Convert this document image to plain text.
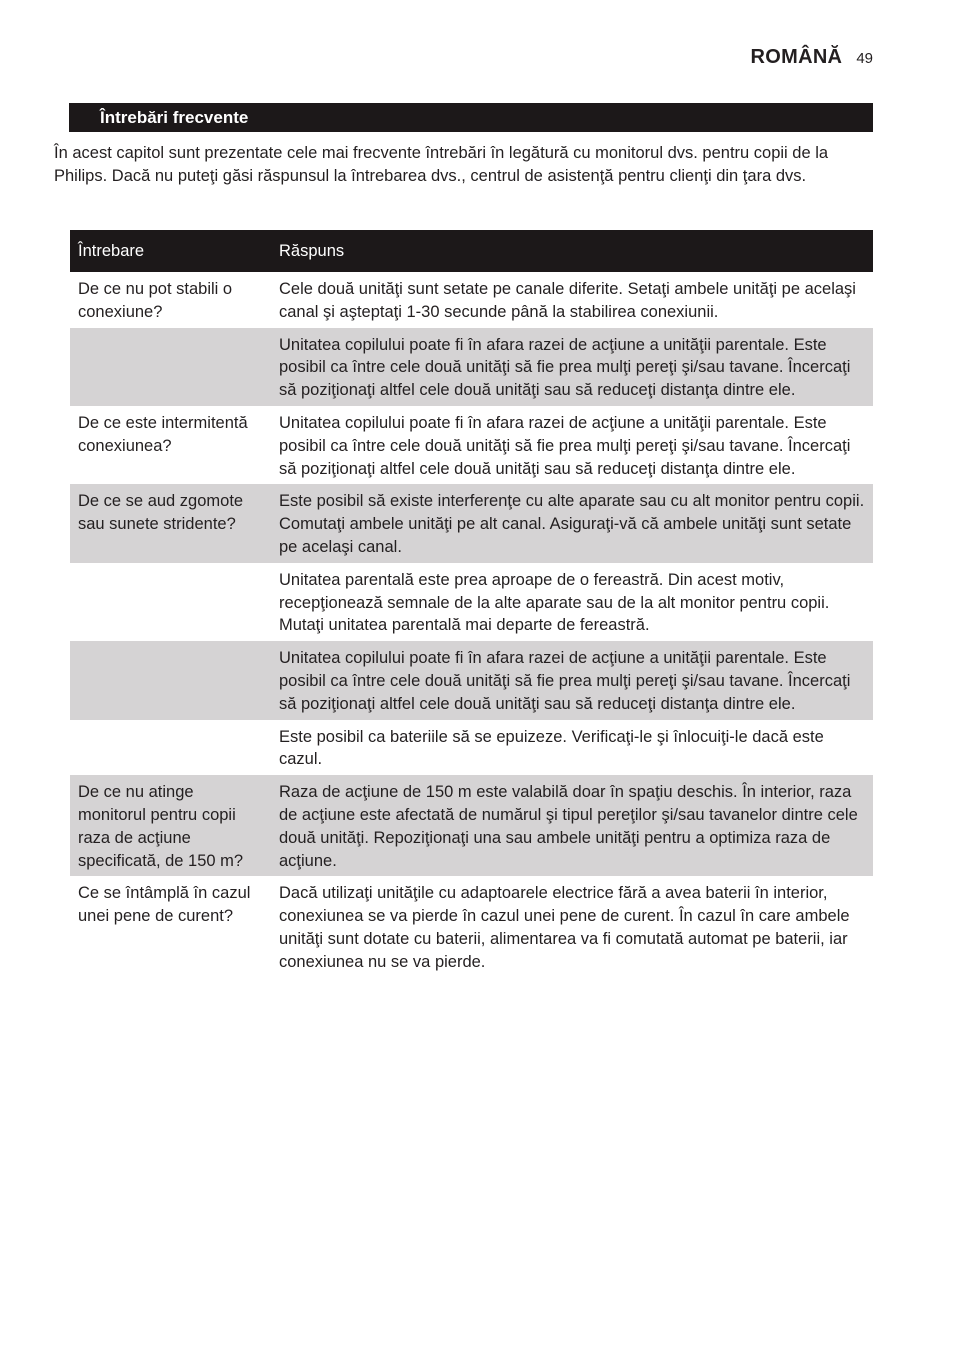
ROMÂNĂ 49
Întrebări frecvente

În acest capitol sunt prezentate cele mai frecvente întrebări în legătură cu monitorul dvs. pentru copii de la Philips. Dacă nu puteţi găsi răspunsul la întrebarea dvs., centrul de asistenţă pentru clienţi din ţara dvs.

Întrebare	Răspuns
De ce nu pot stabili o conexiune?	Cele două unităţi sunt setate pe canale diferite. Setaţi ambele unităţi pe acelaşi canal şi aşteptaţi 1-30 secunde până la stabilirea conexiunii.
	Unitatea copilului poate fi în afara razei de acţiune a unităţii parentale. Este posibil ca între cele două unităţi să fie prea mulţi pereţi şi/sau tavane. Încercaţi să poziţionaţi altfel cele două unităţi sau să reduceţi distanţa dintre ele.
De ce este intermitentă conexiunea?	Unitatea copilului poate fi în afara razei de acţiune a unităţii parentale. Este posibil ca între cele două unităţi să fie prea mulţi pereţi şi/sau tavane. Încercaţi să poziţionaţi altfel cele două unităţi sau să reduceţi distanţa dintre ele.
De ce se aud zgomote sau sunete stridente?	Este posibil să existe interferenţe cu alte aparate sau cu alt monitor pentru copii. Comutaţi ambele unităţi pe alt canal. Asiguraţi-vă că ambele unităţi sunt setate pe acelaşi canal.
	Unitatea parentală este prea aproape de o fereastră. Din acest motiv, recepţionează semnale de la alte aparate sau de la alt monitor pentru copii. Mutaţi unitatea parentală mai departe de fereastră.
	Unitatea copilului poate fi în afara razei de acţiune a unităţii parentale. Este posibil ca între cele două unităţi să fie prea mulţi pereţi şi/sau tavane. Încercaţi să poziţionaţi altfel cele două unităţi sau să reduceţi distanţa dintre ele.
	Este posibil ca bateriile să se epuizeze. Verificaţi-le şi înlocuiţi-le dacă este cazul.
De ce nu atinge monitorul pentru copii raza de acţiune specificată, de 150 m?	Raza de acţiune de 150 m este valabilă doar în spaţiu deschis. În interior, raza de acţiune este afectată de numărul şi tipul pereţilor şi/sau tavanelor dintre cele două unităţi. Repoziţionaţi una sau ambele unităţi pentru a optimiza raza de acţiune.
Ce se întâmplă în cazul unei pene de curent?	Dacă utilizaţi unităţile cu adaptoarele electrice fără a avea baterii în interior, conexiunea se va pierde în cazul unei pene de curent. În cazul în care ambele unităţi sunt dotate cu baterii, alimentarea va fi comutată automat pe baterii, iar conexiunea nu se va pierde.
